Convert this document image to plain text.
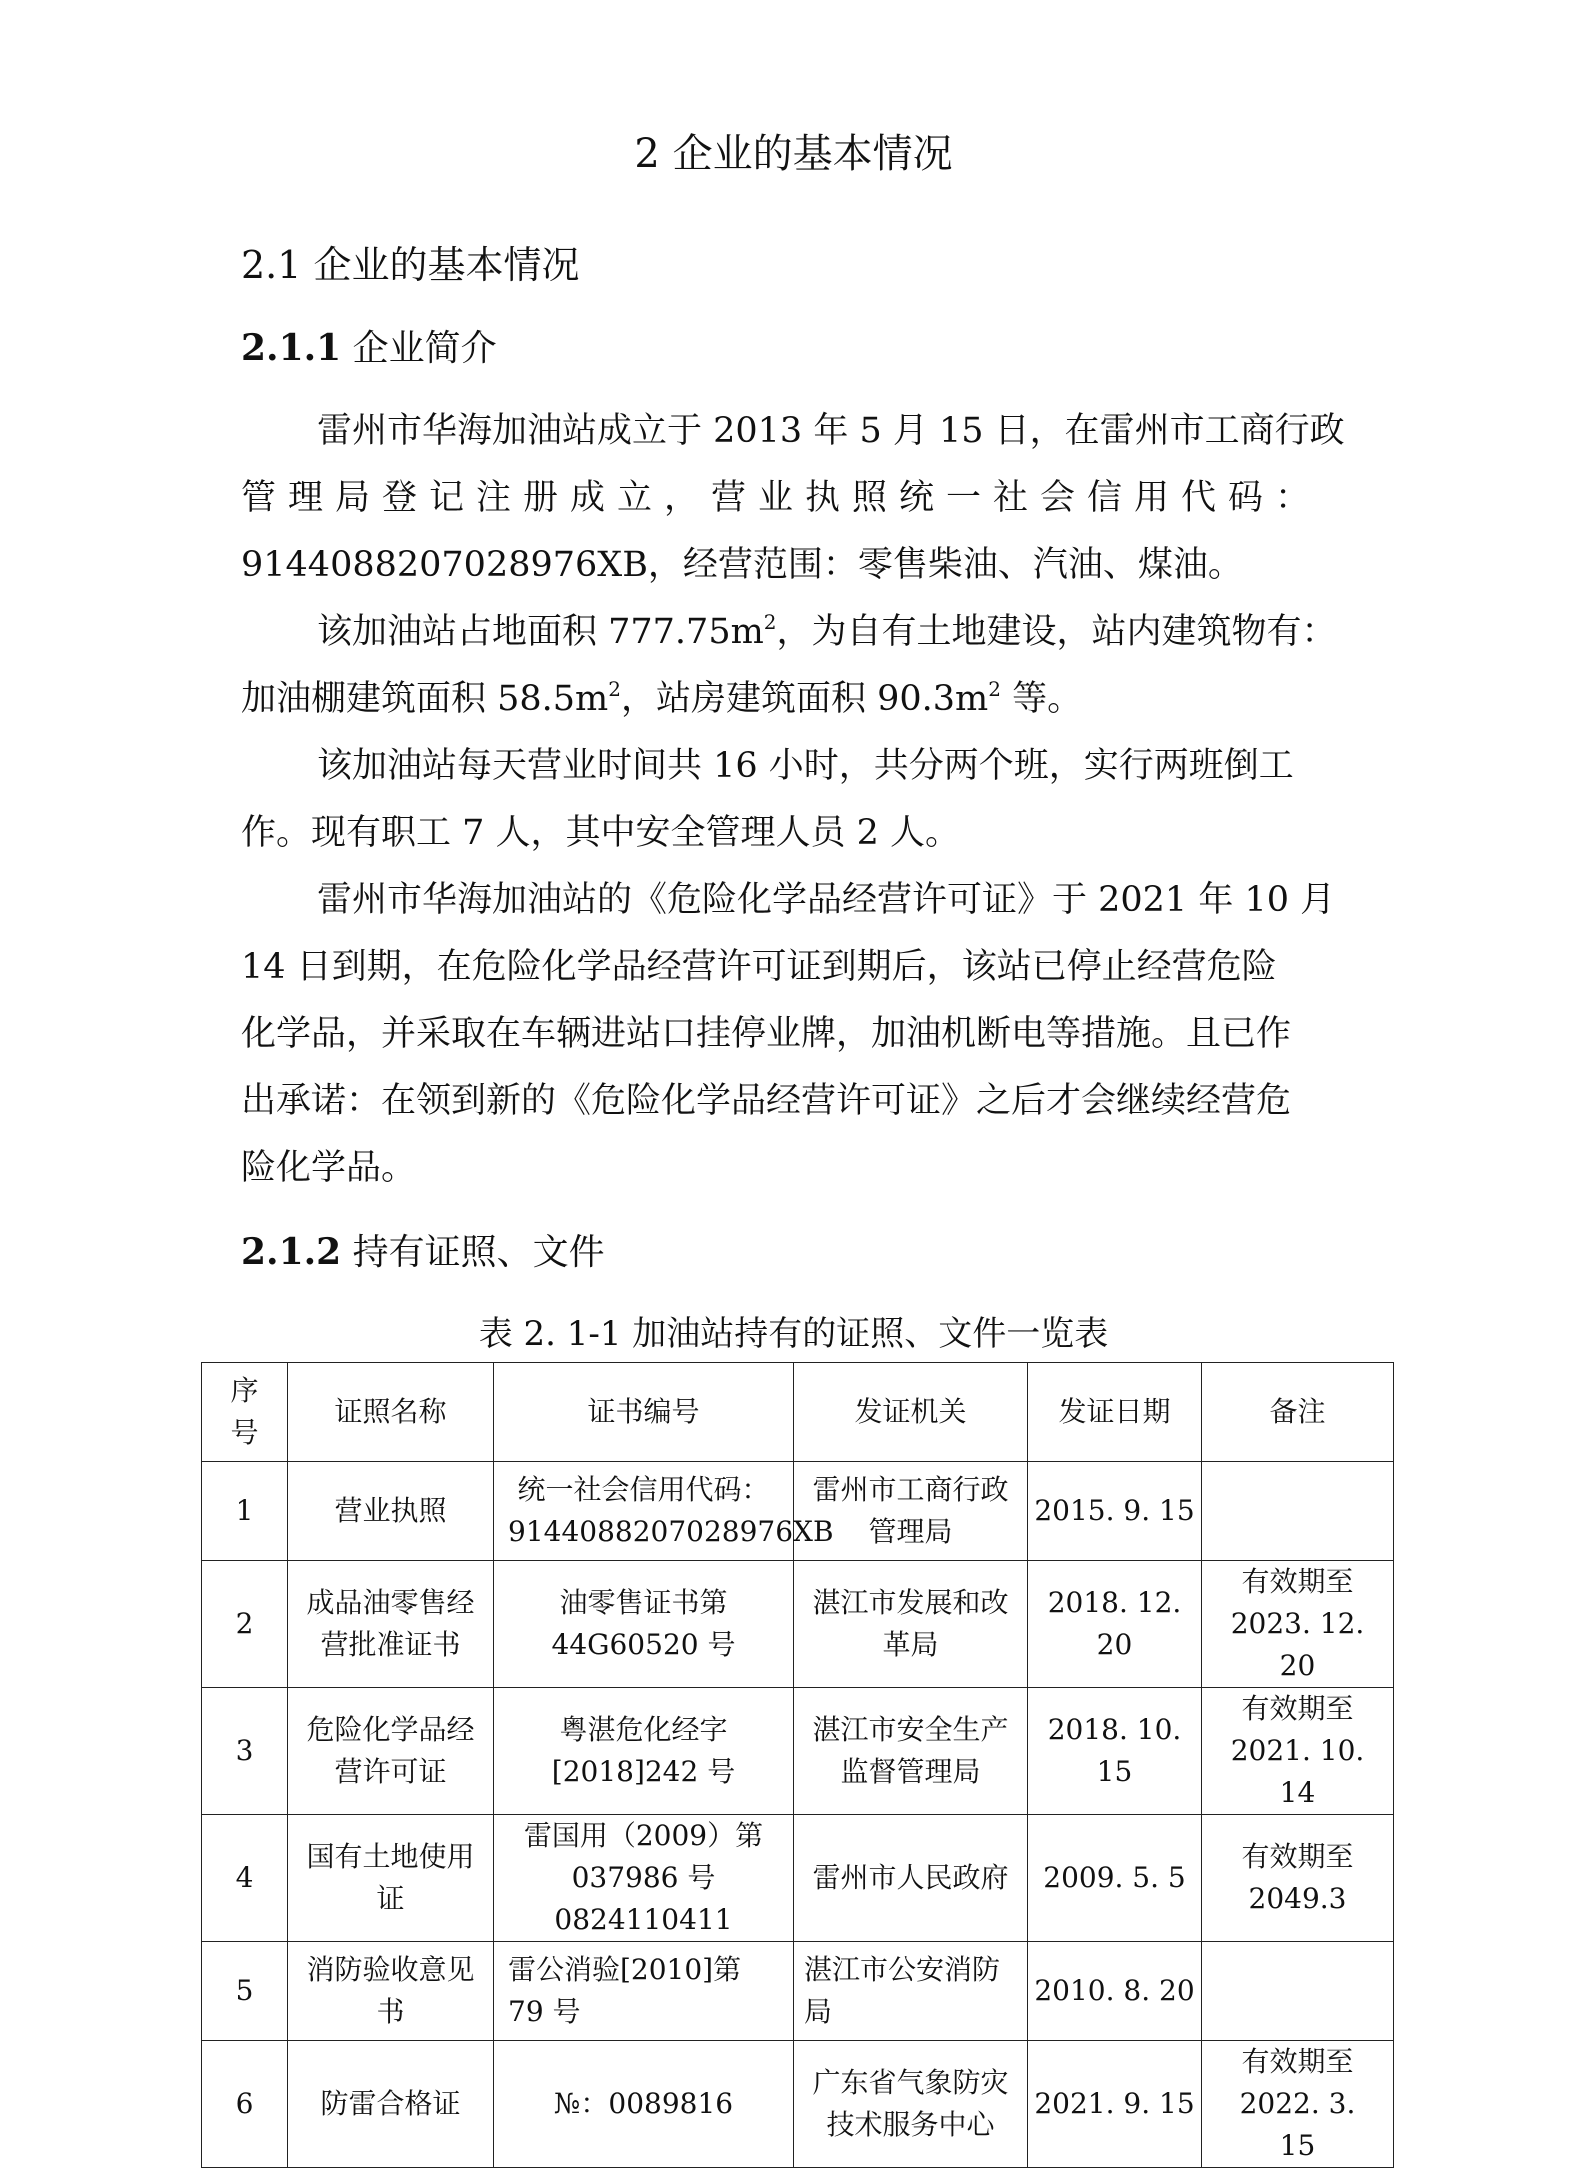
2 企业的基本情况
2.1 企业的基本情况
2.1.1 企业简介
雷州市华海加油站成立于 2013 年 5 月 15 日，在雷州市工商行政
管理局登记注册成立，营业执照统一社会信用代码：
9144088207028976XB，经营范围：零售柴油、汽油、煤油。
该加油站占地面积 $777.75m^2$，为自有土地建设，站内建筑物有：
加油棚建筑面积 $58.5m^2$，站房建筑面积 $90.3m^2$ 等。
该加油站每天营业时间共 16 小时，共分两个班，实行两班倒工
作。现有职工 7 人，其中安全管理人员 2 人。
雷州市华海加油站的《危险化学品经营许可证》于 2021 年 10 月
14 日到期，在危险化学品经营许可证到期后，该站已停止经营危险
化学品，并采取在车辆进站口挂停业牌，加油机断电等措施。且已作
出承诺：在领到新的《危险化学品经营许可证》之后才会继续经营危
险化学品。
2.1.2 持有证照、文件
表 2. 1-1 加油站持有的证照、文件一览表
序号	证照名称	证书编号	发证机关	发证日期	备注
1	营业执照	统一社会信用代码：9144088207028976XB	雷州市工商行政管理局	2015. 9. 15	
2	成品油零售经营批准证书	油零售证书第 44G60520 号	湛江市发展和改革局	2018. 12. 20	有效期至 2023. 12. 20
3	危险化学品经营许可证	粤湛危化经字 [2018]242 号	湛江市安全生产监督管理局	2018. 10. 15	有效期至 2021. 10. 14
4	国有土地使用证	雷国用（2009）第 037986 号 0824110411	雷州市人民政府	2009. 5. 5	有效期至 2049.3
5	消防验收意见书	雷公消验[2010]第 79 号	湛江市公安消防局	2010. 8. 20	
6	防雷合格证	№：0089816	广东省气象防灾技术服务中心	2021. 9. 15	有效期至 2022. 3. 15
